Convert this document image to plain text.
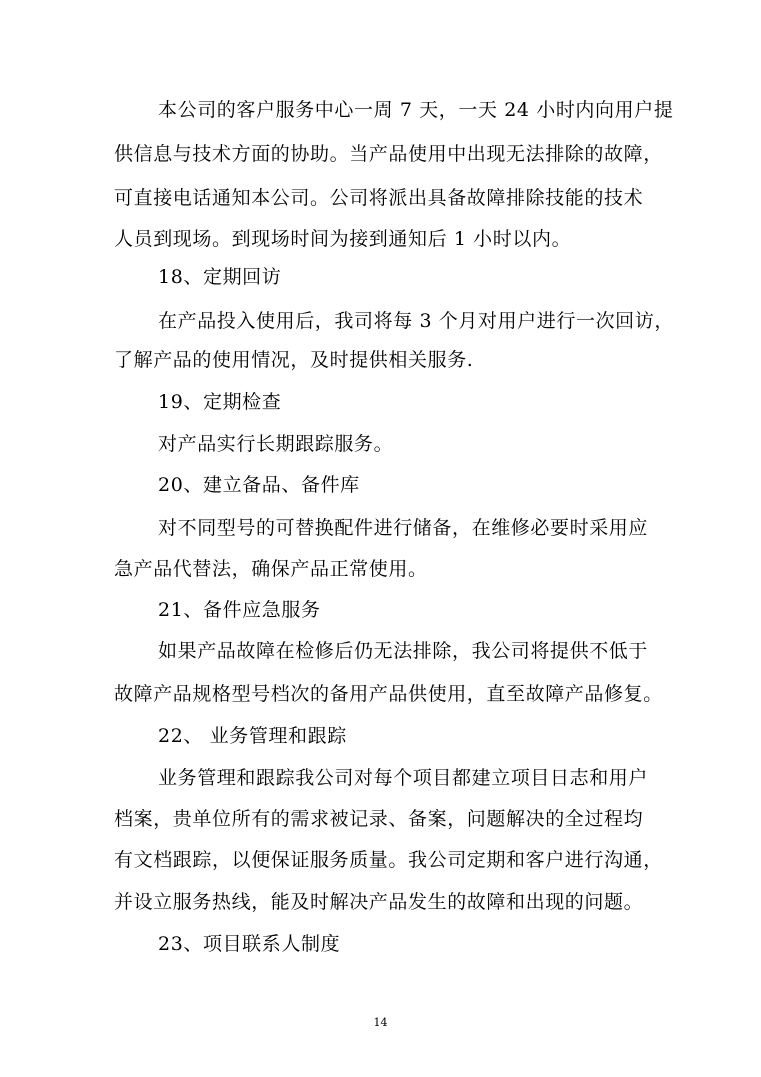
本公司的客户服务中心一周 7 天，一天 24 小时内向用户提
供信息与技术方面的协助。当产品使用中出现无法排除的故障，
可直接电话通知本公司。公司将派出具备故障排除技能的技术
人员到现场。到现场时间为接到通知后 1 小时以内。
18、定期回访
在产品投入使用后，我司将每 3 个月对用户进行一次回访，
了解产品的使用情况，及时提供相关服务.
19、定期检查
对产品实行长期跟踪服务。
20、建立备品、备件库
对不同型号的可替换配件进行储备，在维修必要时采用应
急产品代替法，确保产品正常使用。
21、备件应急服务
如果产品故障在检修后仍无法排除，我公司将提供不低于
故障产品规格型号档次的备用产品供使用，直至故障产品修复。
22、 业务管理和跟踪
业务管理和跟踪我公司对每个项目都建立项目日志和用户
档案，贵单位所有的需求被记录、备案，问题解决的全过程均
有文档跟踪，以便保证服务质量。我公司定期和客户进行沟通，
并设立服务热线，能及时解决产品发生的故障和出现的问题。
23、项目联系人制度
14
